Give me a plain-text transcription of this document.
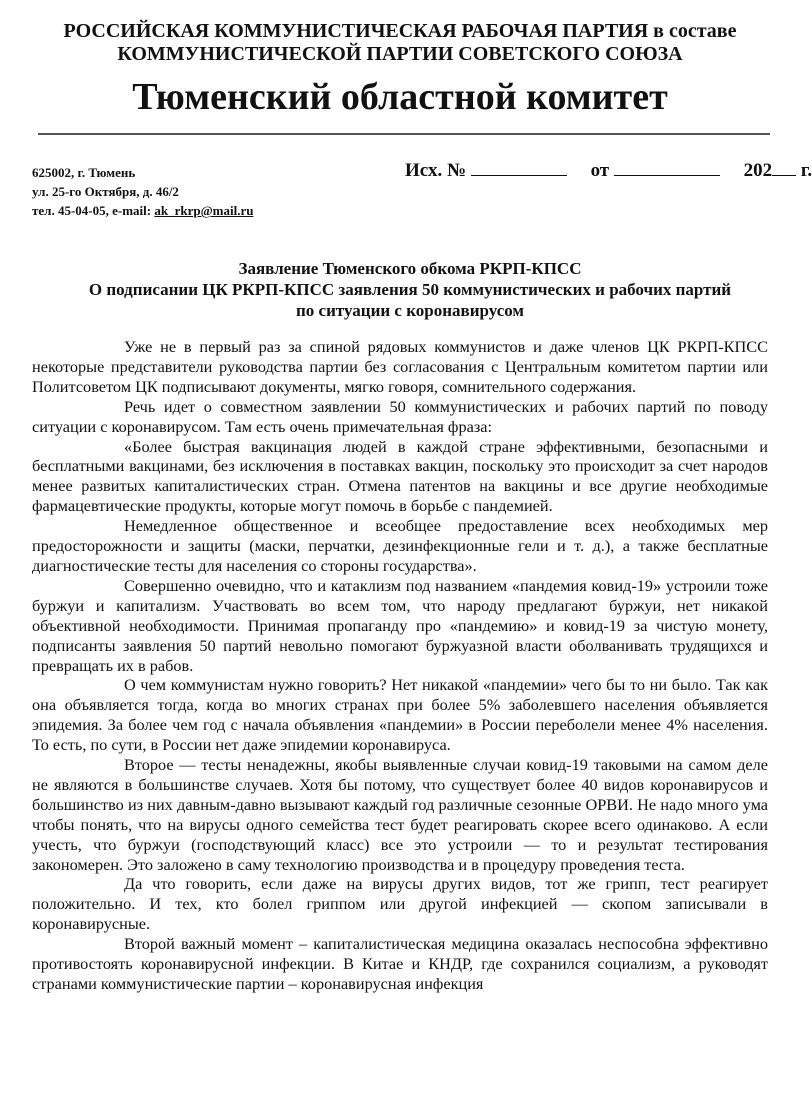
РОССИЙСКАЯ КОММУНИСТИЧЕСКАЯ РАБОЧАЯ ПАРТИЯ в составе
КОММУНИСТИЧЕСКОЙ ПАРТИИ СОВЕТСКОГО СОЮЗА
Тюменский областной комитет
625002, г. Тюмень
ул. 25-го Октября, д. 46/2
тел. 45-04-05, e-mail: ak_rkrp@mail.ru
Исх. №	от	202 г.
Заявление Тюменского обкома РКРП-КПСС
О подписании ЦК РКРП-КПСС заявления 50 коммунистических и рабочих партий
по ситуации с коронавирусом

Уже не в первый раз за спиной рядовых коммунистов и даже членов ЦК РКРП-КПСС некоторые представители руководства партии без согласования с Центральным комитетом партии или Политсоветом ЦК подписывают документы, мягко говоря, сомнительного содержания.

Речь идет о совместном заявлении 50 коммунистических и рабочих партий по поводу ситуации с коронавирусом. Там есть очень примечательная фраза:

«Более быстрая вакцинация людей в каждой стране эффективными, безопасными и бесплатными вакцинами, без исключения в поставках вакцин, поскольку это происходит за счет народов менее развитых капиталистических стран. Отмена патентов на вакцины и все другие необходимые фармацевтические продукты, которые могут помочь в борьбе с пандемией.

Немедленное общественное и всеобщее предоставление всех необходимых мер предосторожности и защиты (маски, перчатки, дезинфекционные гели и т. д.), а также бесплатные диагностические тесты для населения со стороны государства».

Совершенно очевидно, что и катаклизм под названием «пандемия ковид-19» устроили тоже буржуи и капитализм. Участвовать во всем том, что народу предлагают буржуи, нет никакой объективной необходимости. Принимая пропаганду про «пандемию» и ковид-19 за чистую монету, подписанты заявления 50 партий невольно помогают буржуазной власти оболванивать трудящихся и превращать их в рабов.

О чем коммунистам нужно говорить? Нет никакой «пандемии» чего бы то ни было. Так как она объявляется тогда, когда во многих странах при более 5% заболевшего населения объявляется эпидемия. За более чем год с начала объявления «пандемии» в России переболели менее 4% населения. То есть, по сути, в России нет даже эпидемии коронавируса.

Второе — тесты ненадежны, якобы выявленные случаи ковид-19 таковыми на самом деле не являются в большинстве случаев. Хотя бы потому, что существует более 40 видов коронавирусов и большинство из них давным-давно вызывают каждый год различные сезонные ОРВИ. Не надо много ума чтобы понять, что на вирусы одного семейства тест будет реагировать скорее всего одинаково. А если учесть, что буржуи (господствующий класс) все это устроили — то и результат тестирования закономерен. Это заложено в саму технологию производства и в процедуру проведения теста.

Да что говорить, если даже на вирусы других видов, тот же грипп, тест реагирует положительно. И тех, кто болел гриппом или другой инфекцией — скопом записывали в коронавирусные.

Второй важный момент – капиталистическая медицина оказалась неспособна эффективно противостоять коронавирусной инфекции. В Китае и КНДР, где сохранился социализм, а руководят странами коммунистические партии – коронавирусная инфекция
